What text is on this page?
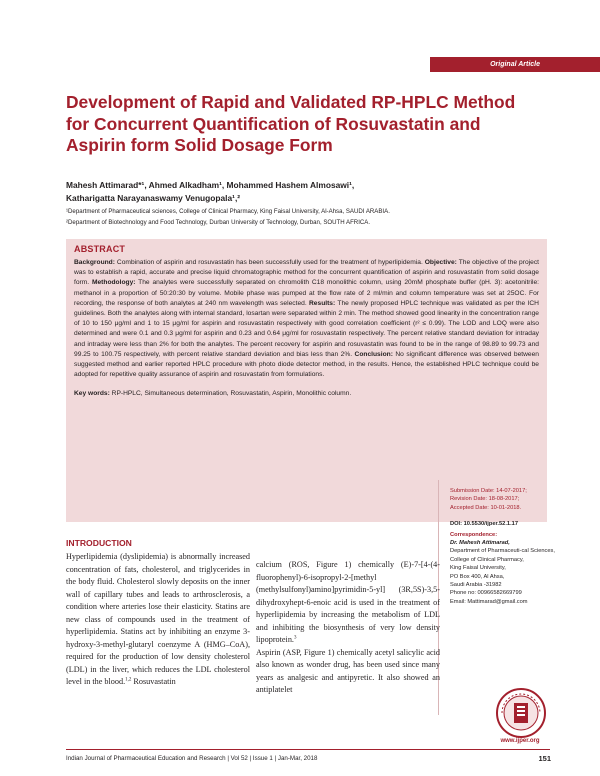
Original Article
Development of Rapid and Validated RP-HPLC Method for Concurrent Quantification of Rosuvastatin and Aspirin form Solid Dosage Form
Mahesh Attimarad*¹, Ahmed Alkadham¹, Mohammed Hashem Almosawi¹,
Katharigatta Narayanaswamy Venugopala¹,²
¹Department of Pharmaceutical sciences, College of Clinical Pharmacy, King Faisal University, Al-Ahsa, SAUDI ARABIA.
²Department of Biotechnology and Food Technology, Durban University of Technology, Durban, SOUTH AFRICA.
ABSTRACT
Background: Combination of aspirin and rosuvastatin has been successfully used for the treatment of hyperlipidemia. Objective: The objective of the project was to establish a rapid, accurate and precise liquid chromatographic method for the concurrent quantification of aspirin and rosuvastatin from solid dosage form. Methodology: The analytes were successfully separated on chromolith C18 monolithic column, using 20mM phosphate buffer (pH. 3): acetonitrile: methanol in a proportion of 50:20:30 by volume. Mobile phase was pumped at the flow rate of 2 ml/min and column temperature was set at 25OC. For recording, the response of both analytes at 240 nm wavelength was selected. Results: The newly proposed HPLC technique was validated as per the ICH guidelines. Both the analytes along with internal standard, losartan were separated within 2 min. The method showed good linearity in the concentration range of 10 to 150 μg/ml and 1 to 15 μg/ml for aspirin and rosuvastatin respectively with good correlation coefficient (r² ≤ 0.99). The LOD and LOQ were also determined and were 0.1 and 0.3 μg/ml for aspirin and 0.23 and 0.64 μg/ml for rosuvastatin respectively. The percent relative standard deviation for intraday and intraday were less than 2% for both the analytes. The percent recovery for aspirin and rosuvastatin was found to be in the range of 98.89 to 99.73 and 99.25 to 100.75 respectively, with percent relative standard deviation and bias less than 2%. Conclusion: No significant difference was observed between suggested method and earlier reported HPLC procedure with photo diode detector method, in the results. Hence, the established HPLC technique could be adopted for repetitive quality assurance of aspirin and rosuvastatin from formulations.
Key words: RP-HPLC, Simultaneous determination, Rosuvastatin, Aspirin, Monolithic column.
Submission Date: 14-07-2017;
Revision Date: 18-08-2017;
Accepted Date: 10-01-2018.
DOI: 10.5530/ijper.52.1.17
Correspondence:
Dr. Mahesh Attimarad,
Department of Pharmaceuti-cal Sciences, College of Clinical Pharmacy,
King Faisal University,
PO Box 400, Al Ahsa,
Saudi Arabia -31982
Phone no: 00966582669799
Email: Mattimarad@gmail.com
INTRODUCTION
Hyperlipidemia (dyslipidemia) is abnormally increased concentration of fats, cholesterol, and triglycerides in the body fluid. Cholesterol slowly deposits on the inner wall of capillary tubes and leads to arthrosclerosis, a condition where arteries lose their elasticity. Statins are new class of compounds used in the treatment of hyperlipidemia. Statins act by inhibiting an enzyme 3-hydroxy-3-methyl-glutaryl coenzyme A (HMG–CoA), required for the production of low density cholesterol (LDL) in the liver, which reduces the LDL cholesterol level in the blood.$^{1,2}$ Rosuvastatin
calcium (ROS, Figure 1) chemically (E)-7-[4-(4-fluorophenyl)-6-isopropyl-2-[methyl (methylsulfonyl)amino]pyrimidin-5-yl] (3R,5S)-3,5-dihydroxyhept-6-enoic acid is used in the treatment of hyperlipidemia by increasing the metabolism of LDL and inhibiting the biosynthesis of very low density lipoprotein.$^3$
Aspirin (ASP, Figure 1) chemically acetyl salicylic acid also known as wonder drug, has been used since many years as analgesic and antipyretic. It also showed an antiplatelet
www.ijper.org
Indian Journal of Pharmaceutical Education and Research | Vol 52 | Issue 1 | Jan-Mar, 2018	151
